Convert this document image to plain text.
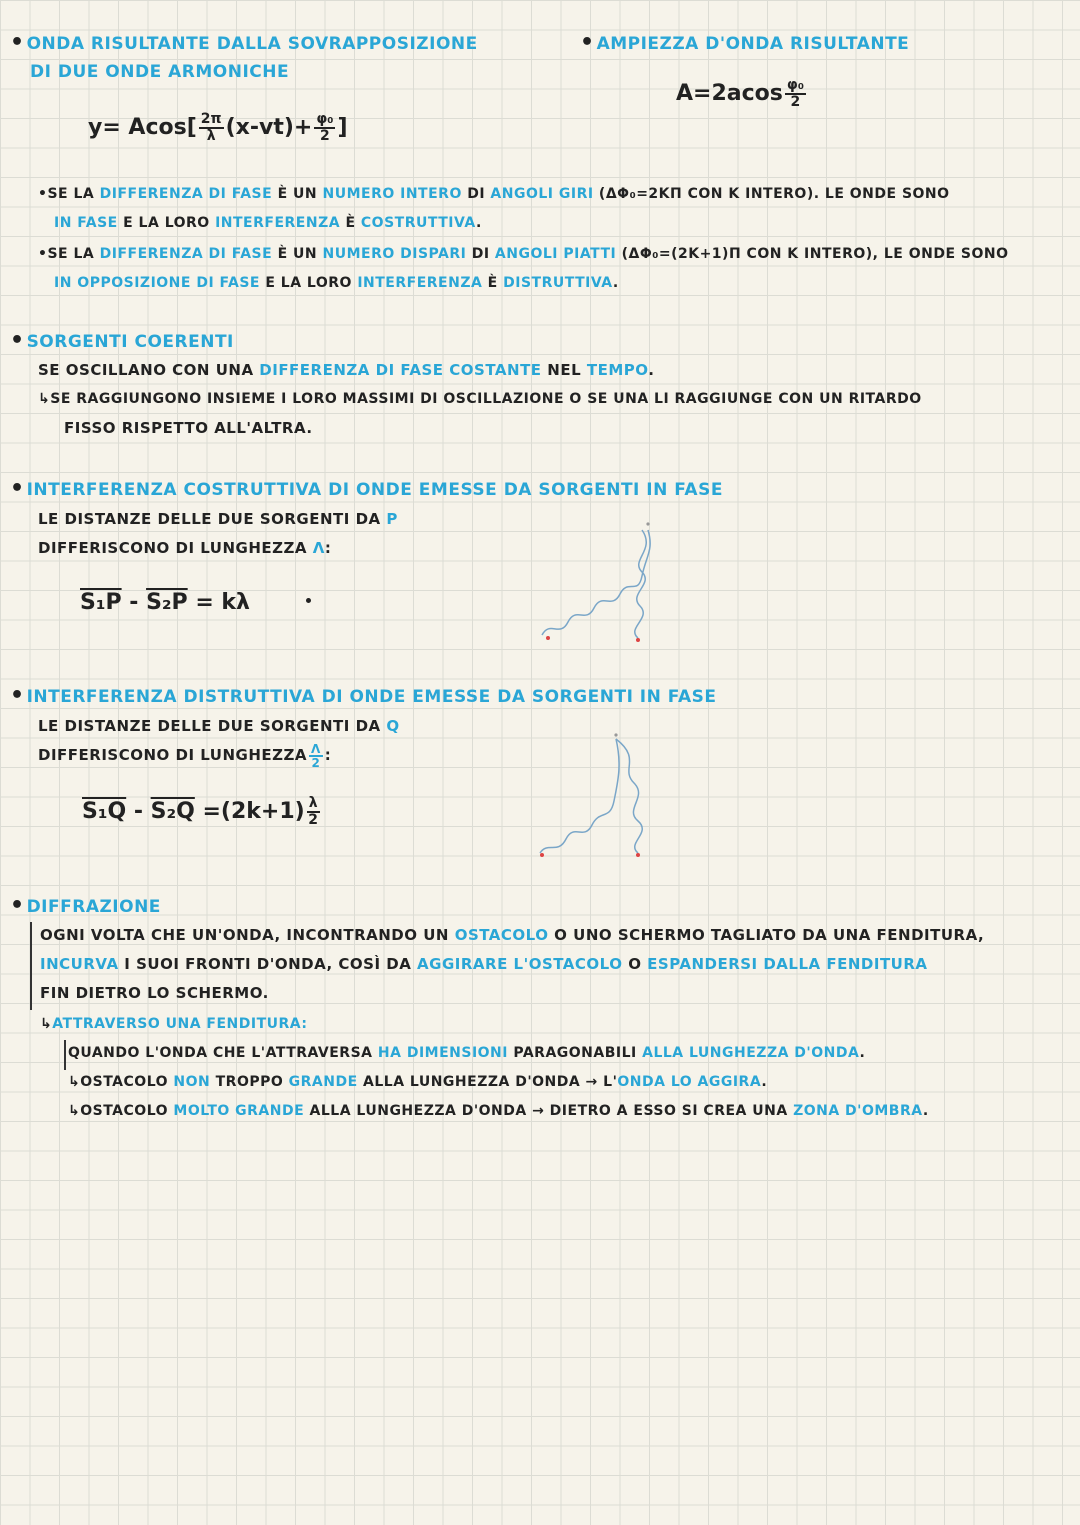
• ONDA RISULTANTE DALLA SOVRAPPOSIZIONE
DI DUE ONDE ARMONICHE
$y= Acos[ \frac{2\pi}{\lambda} (x-vt)+ \frac{\text{φ₀}}{2}$ ]
• AMPIEZZA D'ONDA RISULTANTE
$A=2acos \frac{\text{φ₀}}{2}$
•SE LA DIFFERENZA DI FASE È UN NUMERO INTERO DI ANGOLI GIRI (ΔΦ₀=2KΠ CON K INTERO). LE ONDE SONO
IN FASE E LA LORO INTERFERENZA È COSTRUTTIVA.
•SE LA DIFFERENZA DI FASE È UN NUMERO DISPARI DI ANGOLI PIATTI (ΔΦ₀=(2K+1)Π CON K INTERO), LE ONDE SONO
IN OPPOSIZIONE DI FASE E LA LORO INTERFERENZA È DISTRUTTIVA.
• SORGENTI COERENTI
SE OSCILLANO CON UNA DIFFERENZA DI FASE COSTANTE NEL TEMPO.
↳SE RAGGIUNGONO INSIEME I LORO MASSIMI DI OSCILLAZIONE O SE UNA LI RAGGIUNGE CON UN RITARDO
FISSO RISPETTO ALL'ALTRA.
• INTERFERENZA COSTRUTTIVA DI ONDE EMESSE DA SORGENTI IN FASE
LE DISTANZE DELLE DUE SORGENTI DA P
DIFFERISCONO DI LUNGHEZZA Λ:
S₁P - S₂P = kλ
• INTERFERENZA DISTRUTTIVA DI ONDE EMESSE DA SORGENTI IN FASE
LE DISTANZE DELLE DUE SORGENTI DA Q
DIFFERISCONO DI LUNGHEZZA $\frac{\Lambda}{2}$ :
$S_1Q - S_2Q =(2k+1) \frac{\lambda}{2}$
• DIFFRAZIONE
OGNI VOLTA CHE UN'ONDA, INCONTRANDO UN OSTACOLO O UNO SCHERMO TAGLIATO DA UNA FENDITURA,
INCURVA I SUOI FRONTI D'ONDA, COSÌ DA AGGIRARE L'OSTACOLO O ESPANDERSI DALLA FENDITURA
FIN DIETRO LO SCHERMO.
↳ATTRAVERSO UNA FENDITURA:
QUANDO L'ONDA CHE L'ATTRAVERSA HA DIMENSIONI PARAGONABILI ALLA LUNGHEZZA D'ONDA.
↳OSTACOLO NON TROPPO GRANDE ALLA LUNGHEZZA D'ONDA → L'ONDA LO AGGIRA.
↳OSTACOLO MOLTO GRANDE ALLA LUNGHEZZA D'ONDA → DIETRO A ESSO SI CREA UNA ZONA D'OMBRA.
